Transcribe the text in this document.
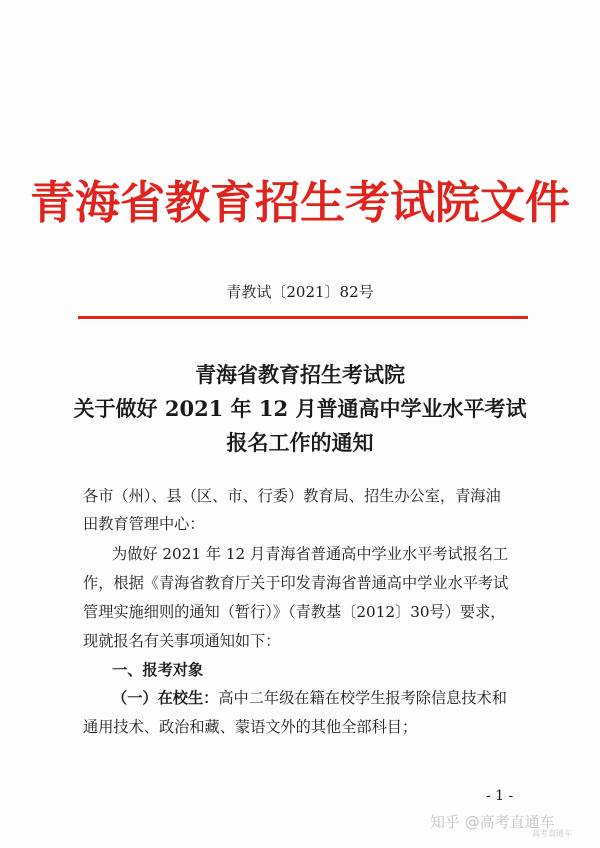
青海省教育招生考试院文件
青教试〔2021〕82号
青海省教育招生考试院
关于做好 2021 年 12 月普通高中学业水平考试
报名工作的通知
各市（州）、县（区、市、行委）教育局、招生办公室，青海油
田教育管理中心：
为做好 2021 年 12 月青海省普通高中学业水平考试报名工
作，根据《青海省教育厅关于印发青海省普通高中学业水平考试
管理实施细则的通知（暂行）》（青教基〔2012〕30号）要求，
现就报名有关事项通知如下：
一、报考对象
（一）在校生：高中二年级在籍在校学生报考除信息技术和
通用技术、政治和藏、蒙语文外的其他全部科目；
- 1 -
知乎 @高考直通车
高考直通车
